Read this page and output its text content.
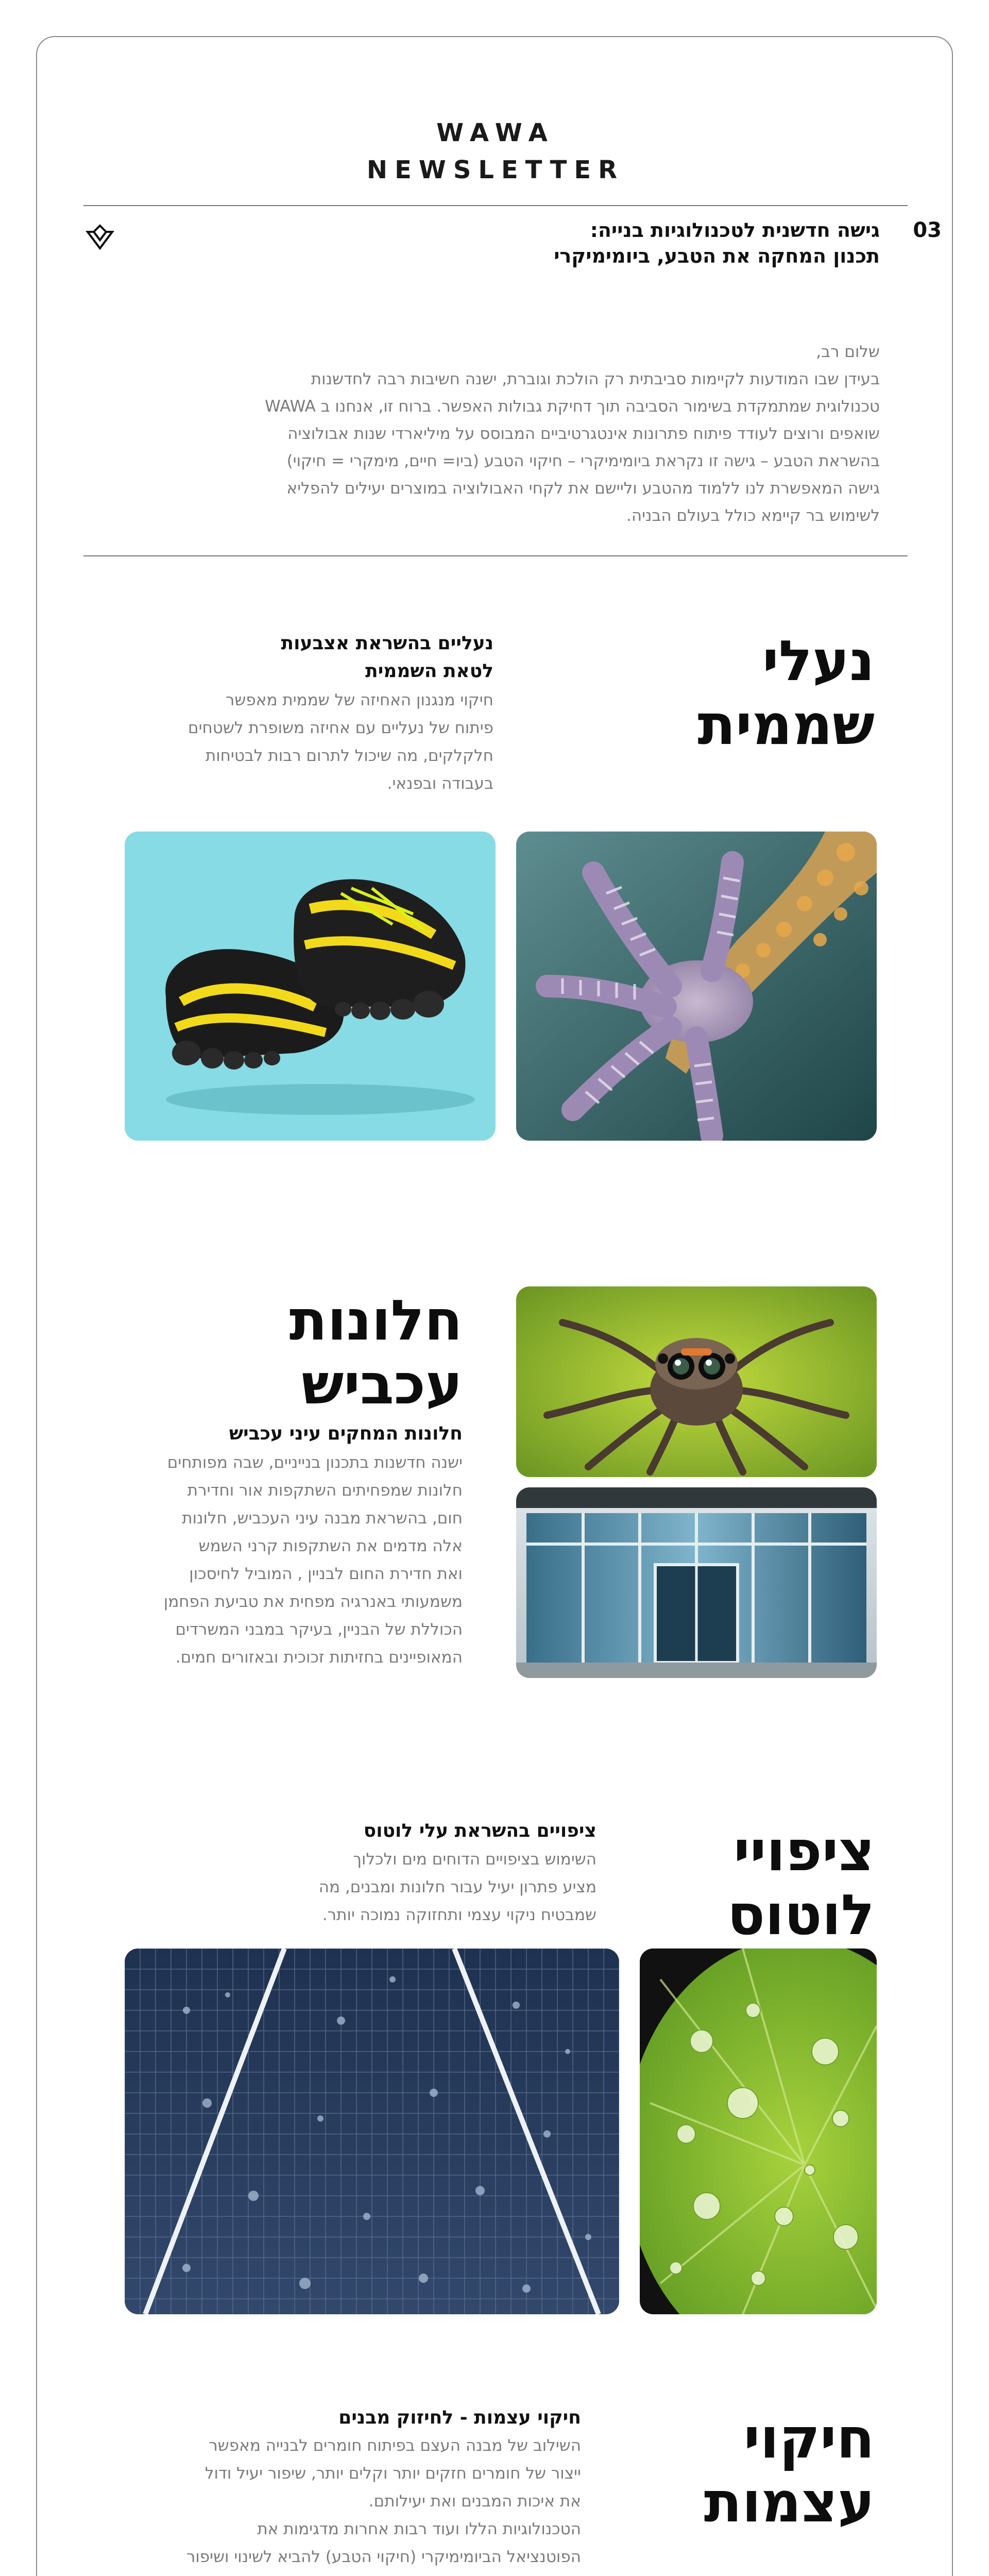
WAWA
NEWSLETTER
03
גישה חדשנית לטכנולוגיות בנייה:
תכנון המחקה את הטבע, ביומימיקרי
שלום רב,
בעידן שבו המודעות לקיימות סביבתית רק הולכת וגוברת, ישנה חשיבות רבה לחדשנות
טכנולוגית שמתמקדת בשימור הסביבה תוך דחיקת גבולות האפשר. ברוח זו, אנחנו ב WAWA
שואפים ורוצים לעודד פיתוח פתרונות אינטגרטיביים המבוסס על מיליארדי שנות אבולוציה
בהשראת הטבע – גישה זו נקראת ביומימיקרי – חיקוי הטבע (ביו= חיים, מימקרי = חיקוי)
גישה המאפשרת לנו ללמוד מהטבע וליישם את לקחי האבולוציה במוצרים יעילים להפליא
לשימוש בר קיימא כולל בעולם הבניה.
נעלי
שממית
נעליים בהשראת אצבעות
לטאת השממית
חיקוי מנגנון האחיזה של שממית מאפשר
פיתוח של נעליים עם אחיזה משופרת לשטחים
חלקלקים, מה שיכול לתרום רבות לבטיחות
בעבודה ובפנאי.
חלונות
עכביש
חלונות המחקים עיני עכביש
ישנה חדשנות בתכנון בנייניים, שבה מפותחים
חלונות שמפחיתים השתקפות אור וחדירת
חום, בהשראת מבנה עיני העכביש, חלונות
אלה מדמים את השתקפות קרני השמש
ואת חדירת החום לבניין , המוביל לחיסכון
משמעותי באנרגיה מפחית את טביעת הפחמן
הכוללת של הבניין, בעיקר במבני המשרדים
המאופיינים בחזיתות זכוכית ובאזורים חמים.
ציפויי
לוטוס
ציפויים בהשראת עלי לוטוס
השימוש בציפויים הדוחים מים ולכלוך
מציע פתרון יעיל עבור חלונות ומבנים, מה
שמבטיח ניקוי עצמי ותחזוקה נמוכה יותר.
חיקוי
עצמות
חיקוי עצמות - לחיזוק מבנים
השילוב של מבנה העצם בפיתוח חומרים לבנייה מאפשר
ייצור של חומרים חזקים יותר וקלים יותר, שיפור יעיל ודול
את איכות המבנים ואת יעילותם.
הטכנולוגיות הללו ועוד רבות אחרות מדגימות את
הפוטנציאל הביומימיקרי (חיקוי הטבע) להביא לשינוי ושיפור
